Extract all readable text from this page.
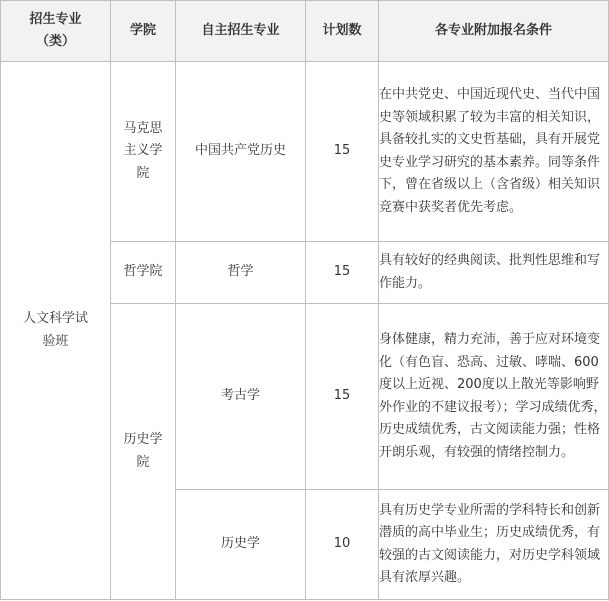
招生专业（类）	学院	自主招生专业	计划数	各专业附加报名条件
人文科学试验班	马克思主义学院	中国共产党历史	15	在中共党史、中国近现代史、当代中国史等领域积累了较为丰富的相关知识，具备较扎实的文史哲基础，具有开展党史专业学习研究的基本素养。同等条件下，曾在省级以上（含省级）相关知识竞赛中获奖者优先考虑。
	哲学院	哲学	15	具有较好的经典阅读、批判性思维和写作能力。
	历史学院	考古学	15	身体健康，精力充沛，善于应对环境变化（有色盲、恐高、过敏、哮喘、600度以上近视、200度以上散光等影响野外作业的不建议报考）；学习成绩优秀，历史成绩优秀，古文阅读能力强；性格开朗乐观，有较强的情绪控制力。
		历史学	10	具有历史学专业所需的学科特长和创新潜质的高中毕业生；历史成绩优秀，有较强的古文阅读能力，对历史学科领域具有浓厚兴趣。
